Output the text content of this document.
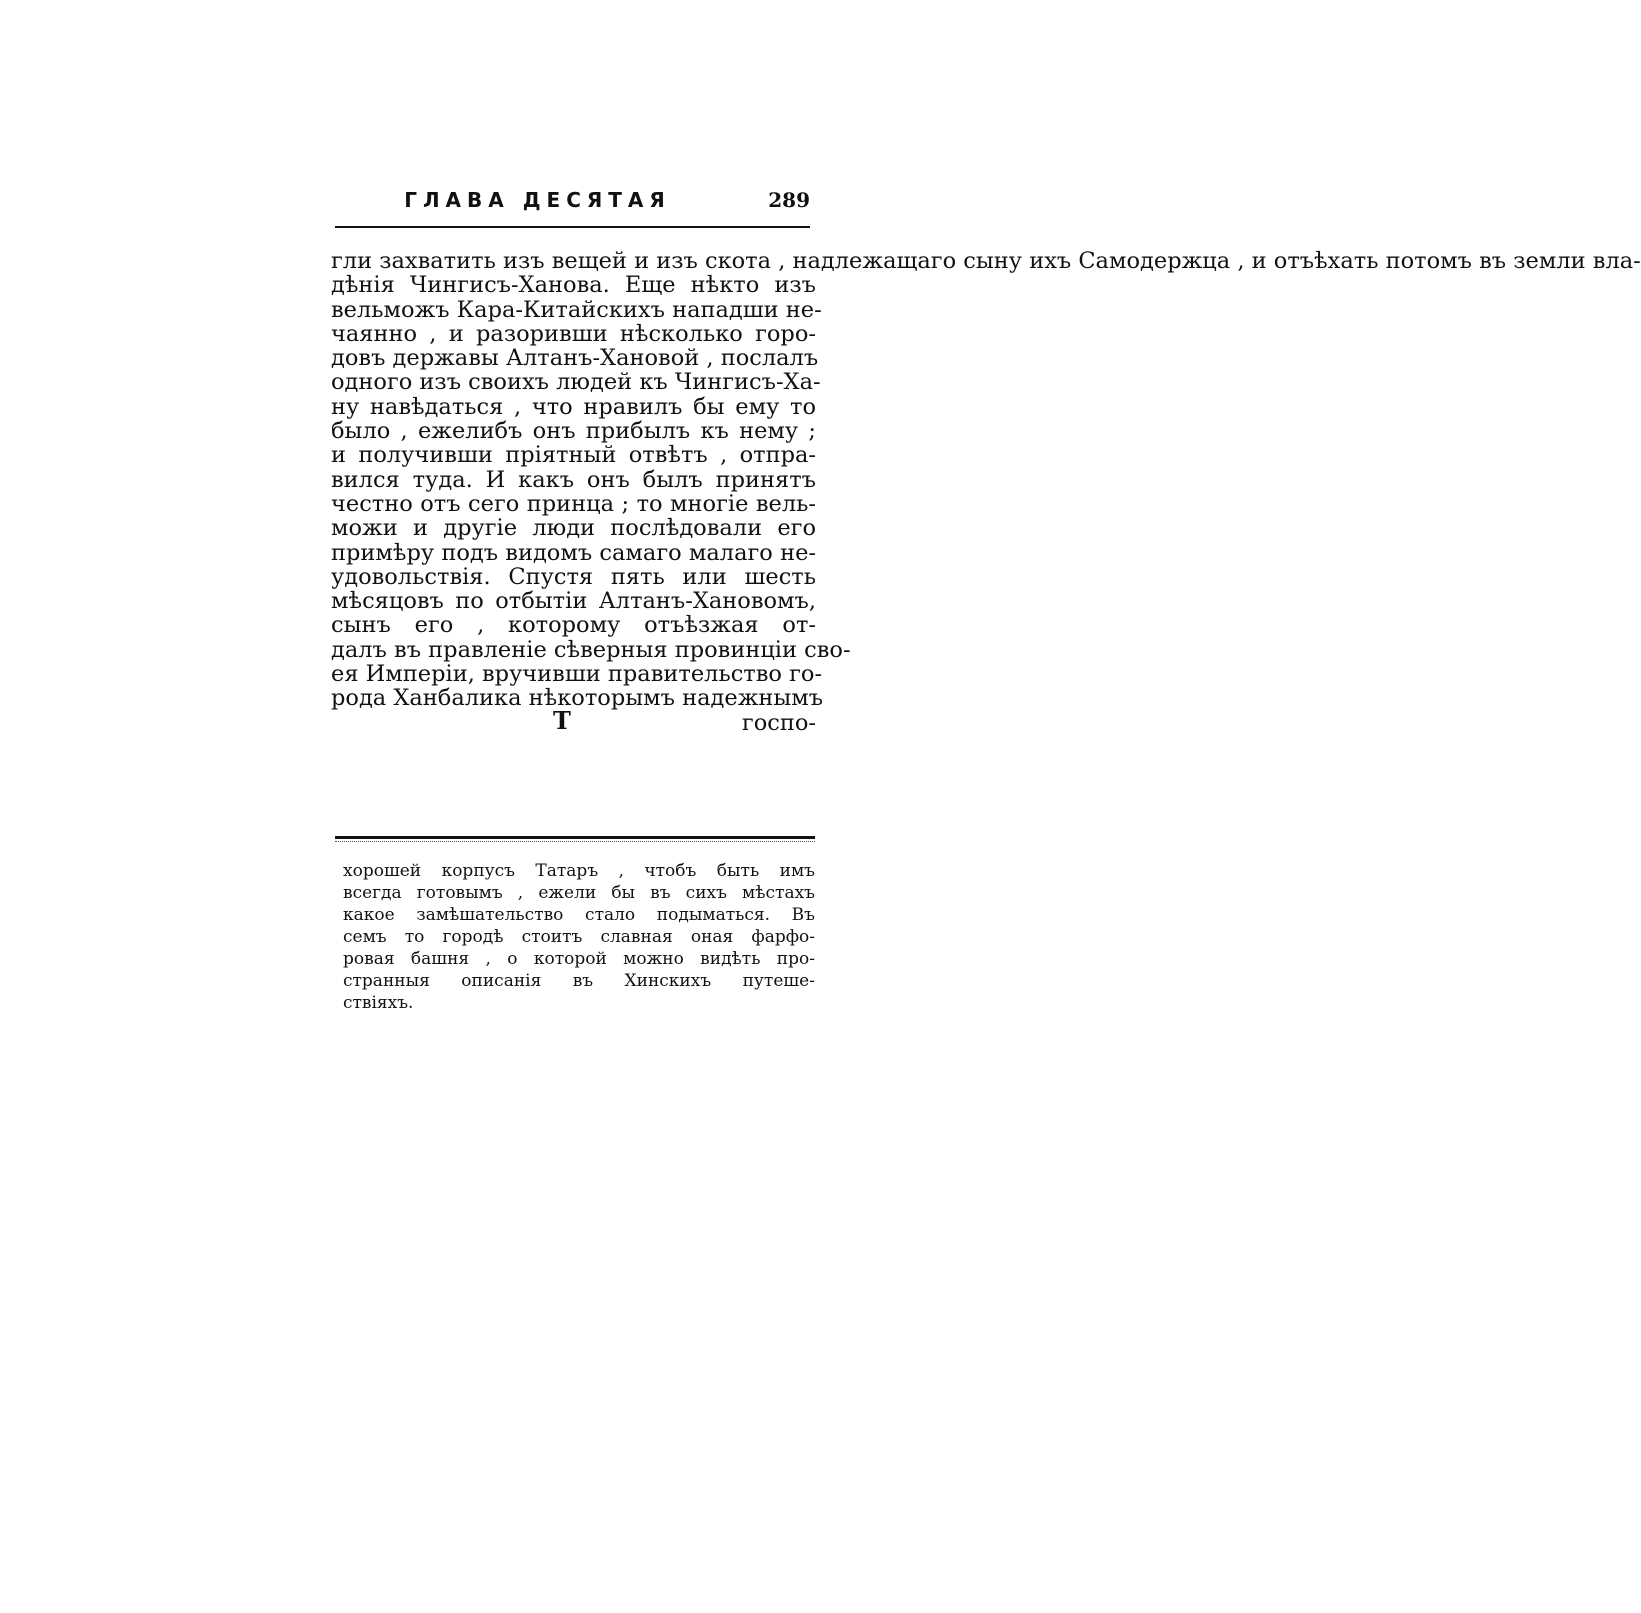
ГЛАВА ДЕСЯТАЯ	289
гли захватить изъ вещей и изъ скота , надлежащаго сыну ихъ Самодержца , и отъѣхать потомъ въ земли вла-
дѣнія Чингисъ-Ханова. Еще нѣкто изъ
вельможъ Кара-Китайскихъ нападши не-
чаянно , и разоривши нѣсколько горо-
довъ державы Алтанъ-Хановой , послалъ
одного изъ своихъ людей къ Чингисъ-Ха-
ну навѣдаться , что нравилъ бы ему то
было , ежелибъ онъ прибылъ къ нему ;
и получивши пріятный отвѣтъ , отпра-
вился туда. И какъ онъ былъ принятъ
честно отъ сего принца ; то многіе вель-
можи и другіе люди послѣдовали его
примѣру подъ видомъ самаго малаго не-
удовольствія. Спустя пять или шесть
мѣсяцовъ по отбытіи Алтанъ-Хановомъ,
сынъ его , которому отъѣзжая от-
далъ въ правленіе сѣверныя провинціи сво-
ея Имперіи, вручивши правительство го-
рода Ханбалика нѣкоторымъ надежнымъ
Т	госпо-
хорошей корпусъ Татаръ , чтобъ быть имъ
всегда готовымъ , ежели бы въ сихъ мѣстахъ
какое замѣшательство стало подыматься. Въ
семъ то городѣ стоитъ славная оная фарфо-
ровая башня , о которой можно видѣть про-
странныя описанія въ Хинскихъ путеше-
ствіяхъ.
